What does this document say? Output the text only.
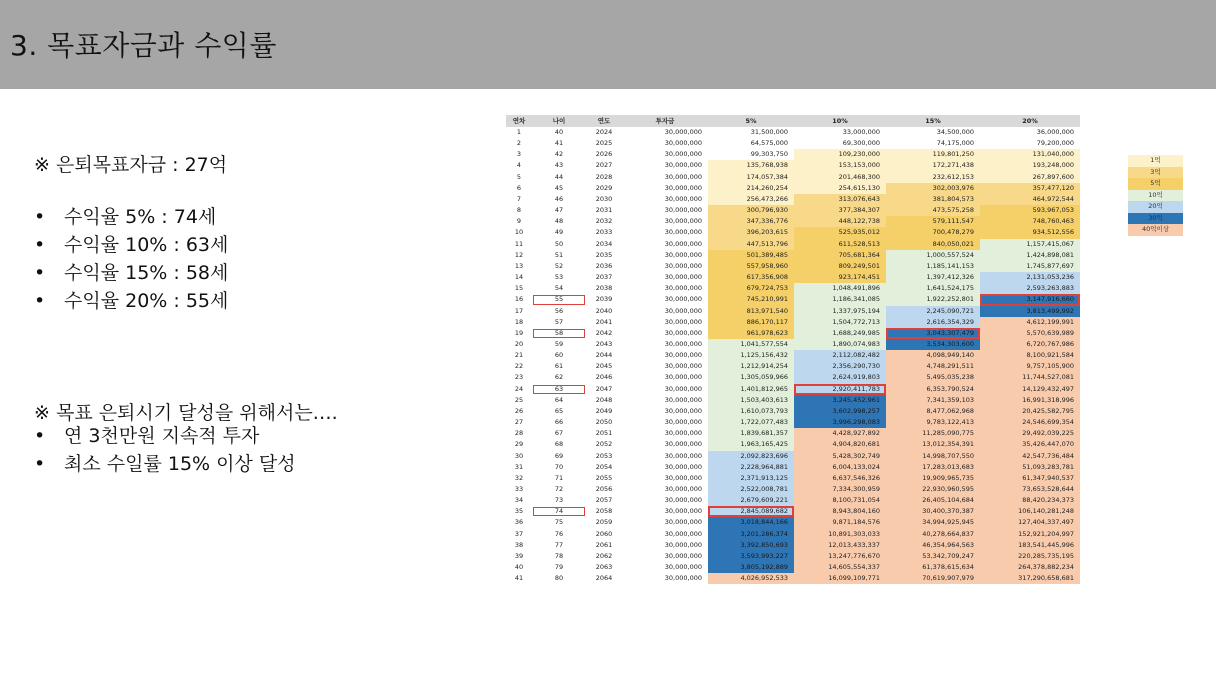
3. 목표자금과 수익률
※ 은퇴목표자금 : 27억
• 수익율 5% : 74세
• 수익율 10% : 63세
• 수익율 15% : 58세
• 수익율 20% : 55세
※ 목표 은퇴시기 달성을 위해서는….
• 연 3천만원 지속적 투자
• 최소 수일률 15% 이상 달성
연차	나이	연도	투자금	5%	10%	15%	20%
1	40	2024	30,000,000	31,500,000	33,000,000	34,500,000	36,000,000
2	41	2025	30,000,000	64,575,000	69,300,000	74,175,000	79,200,000
3	42	2026	30,000,000	99,303,750	109,230,000	119,801,250	131,040,000
4	43	2027	30,000,000	135,768,938	153,153,000	172,271,438	193,248,000
5	44	2028	30,000,000	174,057,384	201,468,300	232,612,153	267,897,600
6	45	2029	30,000,000	214,260,254	254,615,130	302,003,976	357,477,120
7	46	2030	30,000,000	256,473,266	313,076,643	381,804,573	464,972,544
8	47	2031	30,000,000	300,796,930	377,384,307	473,575,258	593,967,053
9	48	2032	30,000,000	347,336,776	448,122,738	579,111,547	748,760,463
10	49	2033	30,000,000	396,203,615	525,935,012	700,478,279	934,512,556
11	50	2034	30,000,000	447,513,796	611,528,513	840,050,021	1,157,415,067
12	51	2035	30,000,000	501,389,485	705,681,364	1,000,557,524	1,424,898,081
13	52	2036	30,000,000	557,958,960	809,249,501	1,185,141,153	1,745,877,697
14	53	2037	30,000,000	617,356,908	923,174,451	1,397,412,326	2,131,053,236
15	54	2038	30,000,000	679,724,753	1,048,491,896	1,641,524,175	2,593,263,883
16	55	2039	30,000,000	745,210,991	1,186,341,085	1,922,252,801	3,147,916,660
17	56	2040	30,000,000	813,971,540	1,337,975,194	2,245,090,721	3,813,499,992
18	57	2041	30,000,000	886,170,117	1,504,772,713	2,616,354,329	4,612,199,991
19	58	2042	30,000,000	961,978,623	1,688,249,985	3,043,307,479	5,570,639,989
20	59	2043	30,000,000	1,041,577,554	1,890,074,983	3,534,303,600	6,720,767,986
21	60	2044	30,000,000	1,125,156,432	2,112,082,482	4,098,949,140	8,100,921,584
22	61	2045	30,000,000	1,212,914,254	2,356,290,730	4,748,291,511	9,757,105,900
23	62	2046	30,000,000	1,305,059,966	2,624,919,803	5,495,035,238	11,744,527,081
24	63	2047	30,000,000	1,401,812,965	2,920,411,783	6,353,790,524	14,129,432,497
25	64	2048	30,000,000	1,503,403,613	3,245,452,961	7,341,359,103	16,991,318,996
26	65	2049	30,000,000	1,610,073,793	3,602,998,257	8,477,062,968	20,425,582,795
27	66	2050	30,000,000	1,722,077,483	3,996,298,083	9,783,122,413	24,546,699,354
28	67	2051	30,000,000	1,839,681,357	4,428,927,892	11,285,090,775	29,492,039,225
29	68	2052	30,000,000	1,963,165,425	4,904,820,681	13,012,354,391	35,426,447,070
30	69	2053	30,000,000	2,092,823,696	5,428,302,749	14,998,707,550	42,547,736,484
31	70	2054	30,000,000	2,228,964,881	6,004,133,024	17,283,013,683	51,093,283,781
32	71	2055	30,000,000	2,371,913,125	6,637,546,326	19,909,965,735	61,347,940,537
33	72	2056	30,000,000	2,522,008,781	7,334,300,959	22,930,960,595	73,653,528,644
34	73	2057	30,000,000	2,679,609,221	8,100,731,054	26,405,104,684	88,420,234,373
35	74	2058	30,000,000	2,845,089,682	8,943,804,160	30,400,370,387	106,140,281,248
36	75	2059	30,000,000	3,018,844,166	9,871,184,576	34,994,925,945	127,404,337,497
37	76	2060	30,000,000	3,201,286,374	10,891,303,033	40,278,664,837	152,921,204,997
38	77	2061	30,000,000	3,392,850,693	12,013,433,337	46,354,964,563	183,541,445,996
39	78	2062	30,000,000	3,593,993,227	13,247,776,670	53,342,709,247	220,285,735,195
40	79	2063	30,000,000	3,805,192,889	14,605,554,337	61,378,615,634	264,378,882,234
41	80	2064	30,000,000	4,026,952,533	16,099,109,771	70,619,907,979	317,290,658,681
1억
3억
5억
10억
20억
30억
40억이상
